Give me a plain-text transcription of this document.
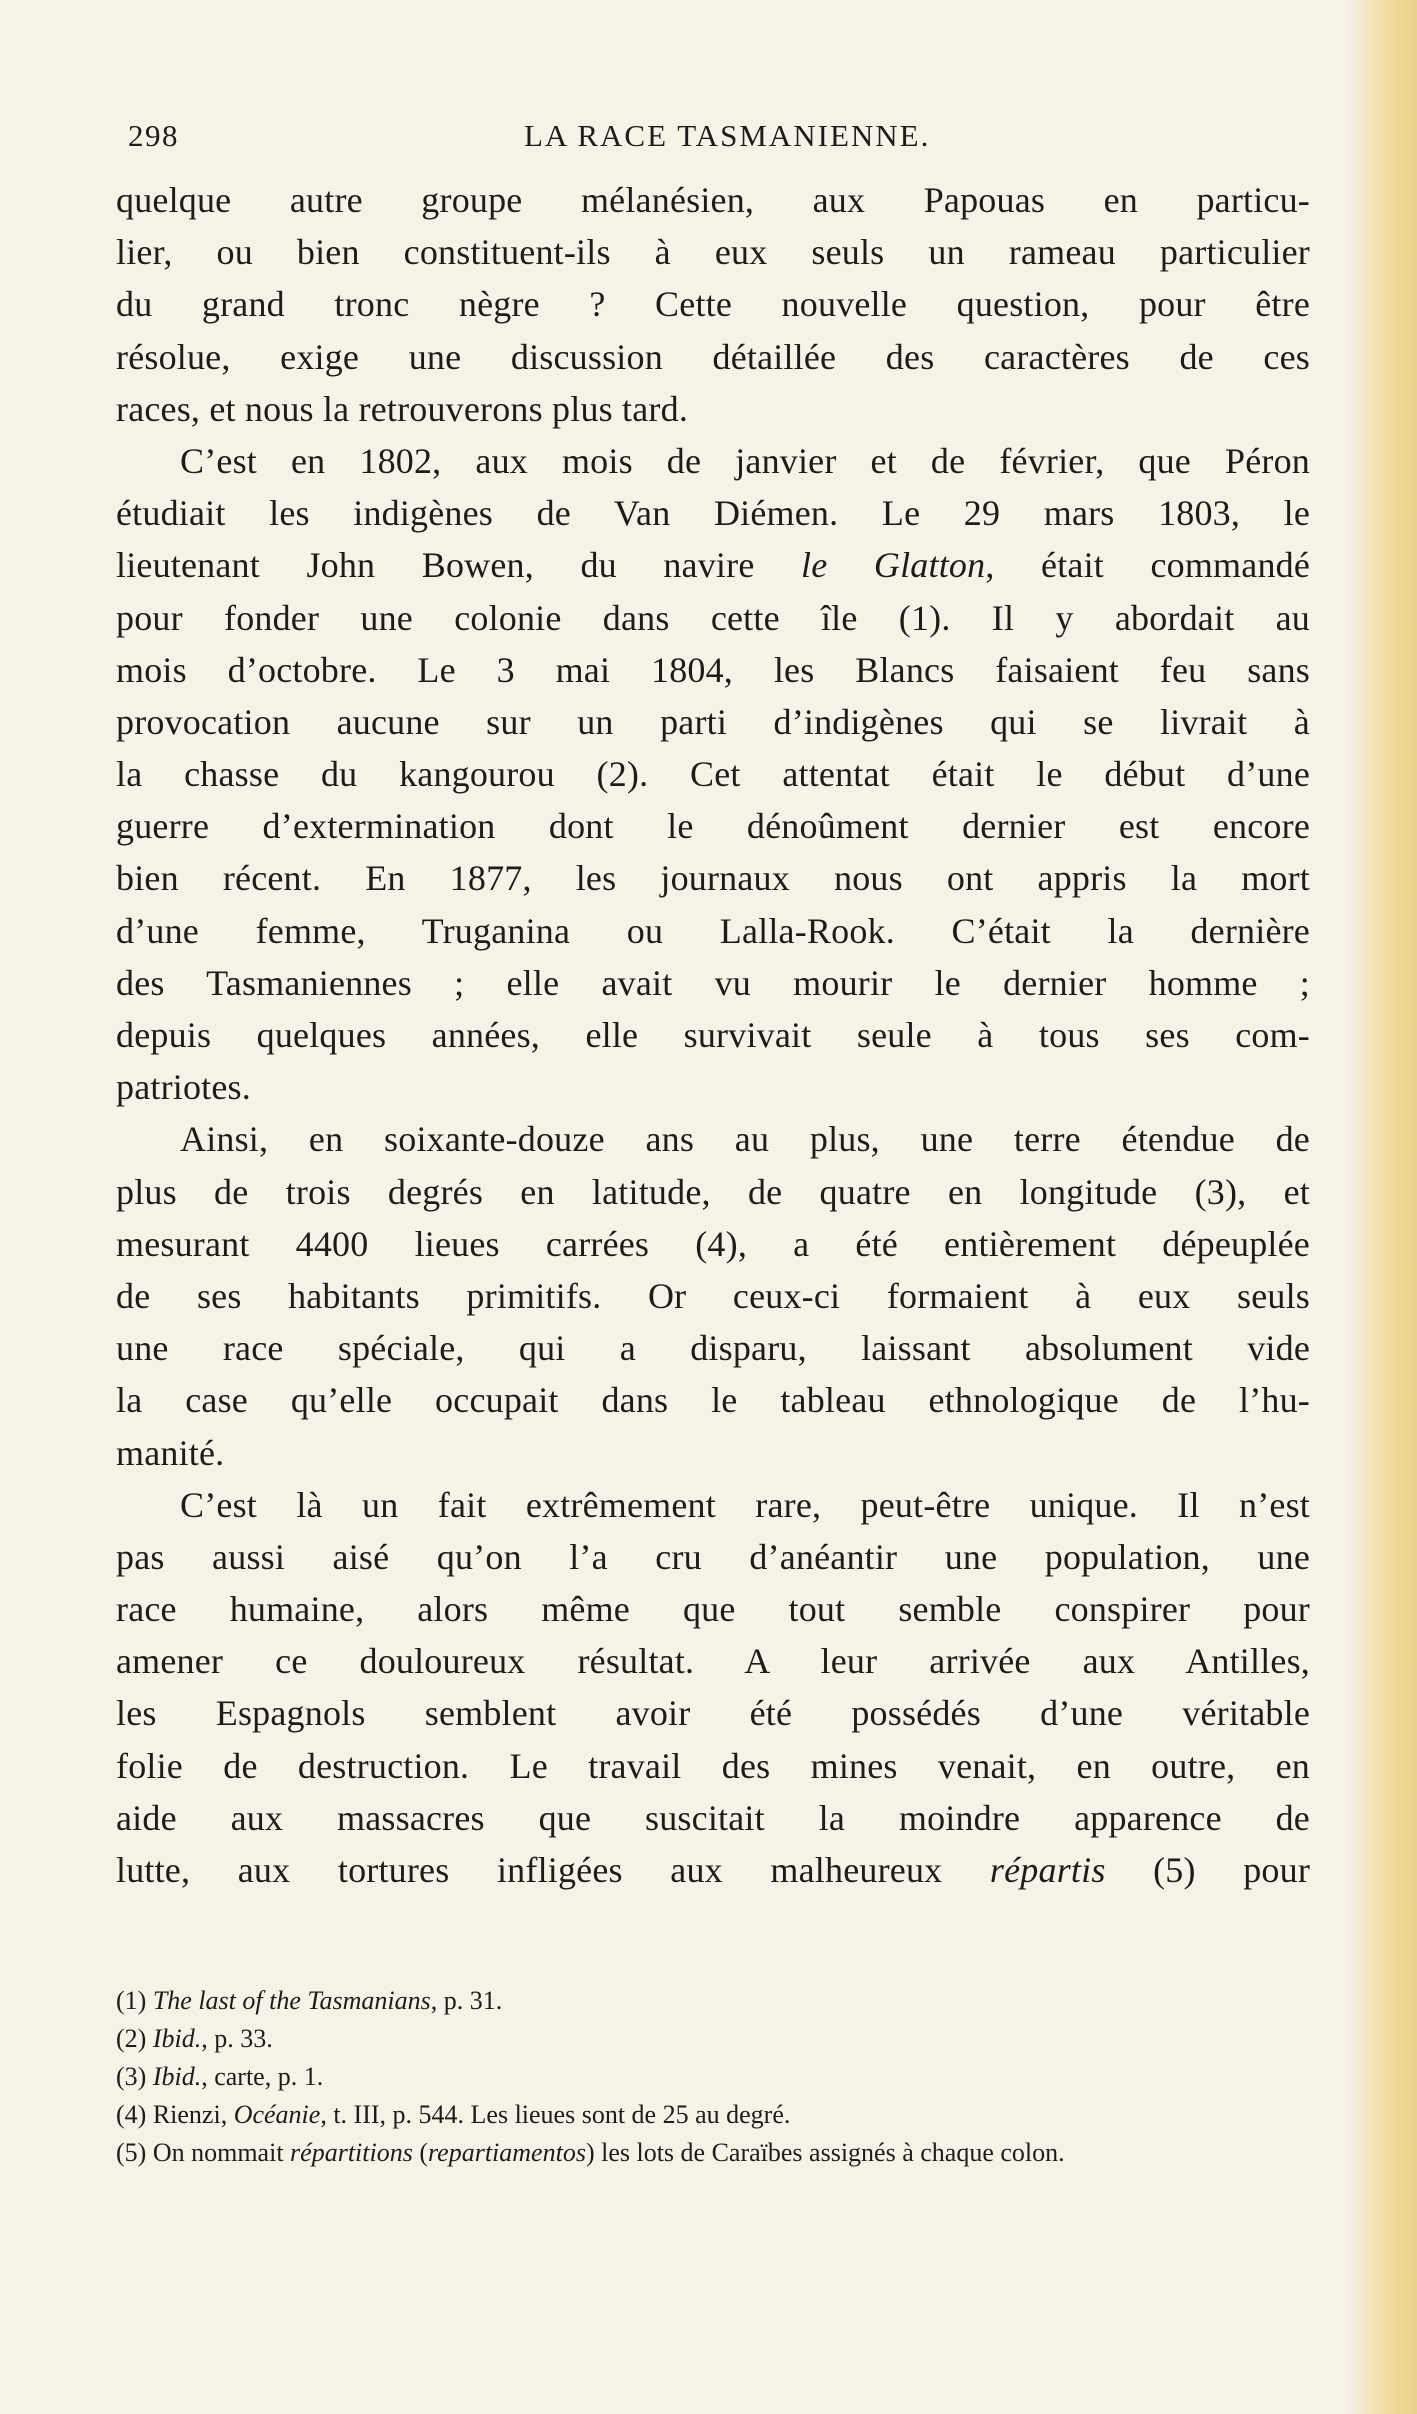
298	LA RACE TASMANIENNE.
quelque autre groupe mélanésien, aux Papouas en particu-
lier, ou bien constituent-ils à eux seuls un rameau particulier
du grand tronc nègre ? Cette nouvelle question, pour être
résolue, exige une discussion détaillée des caractères de ces
races, et nous la retrouverons plus tard.
C’est en 1802, aux mois de janvier et de février, que Péron
étudiait les indigènes de Van Diémen. Le 29 mars 1803, le
lieutenant John Bowen, du navire le Glatton, était commandé
pour fonder une colonie dans cette île (1). Il y abordait au
mois d’octobre. Le 3 mai 1804, les Blancs faisaient feu sans
provocation aucune sur un parti d’indigènes qui se livrait à
la chasse du kangourou (2). Cet attentat était le début d’une
guerre d’extermination dont le dénoûment dernier est encore
bien récent. En 1877, les journaux nous ont appris la mort
d’une femme, Truganina ou Lalla-Rook. C’était la dernière
des Tasmaniennes ; elle avait vu mourir le dernier homme ;
depuis quelques années, elle survivait seule à tous ses com-
patriotes.
Ainsi, en soixante-douze ans au plus, une terre étendue de
plus de trois degrés en latitude, de quatre en longitude (3), et
mesurant 4400 lieues carrées (4), a été entièrement dépeuplée
de ses habitants primitifs. Or ceux-ci formaient à eux seuls
une race spéciale, qui a disparu, laissant absolument vide
la case qu’elle occupait dans le tableau ethnologique de l’hu-
manité.
C’est là un fait extrêmement rare, peut-être unique. Il n’est
pas aussi aisé qu’on l’a cru d’anéantir une population, une
race humaine, alors même que tout semble conspirer pour
amener ce douloureux résultat. A leur arrivée aux Antilles,
les Espagnols semblent avoir été possédés d’une véritable
folie de destruction. Le travail des mines venait, en outre, en
aide aux massacres que suscitait la moindre apparence de
lutte, aux tortures infligées aux malheureux répartis (5) pour
(1) The last of the Tasmanians, p. 31.
(2) Ibid., p. 33.
(3) Ibid., carte, p. 1.
(4) Rienzi, Océanie, t. III, p. 544. Les lieues sont de 25 au degré.
(5) On nommait répartitions (repartiamentos) les lots de Caraïbes assignés à chaque colon.
